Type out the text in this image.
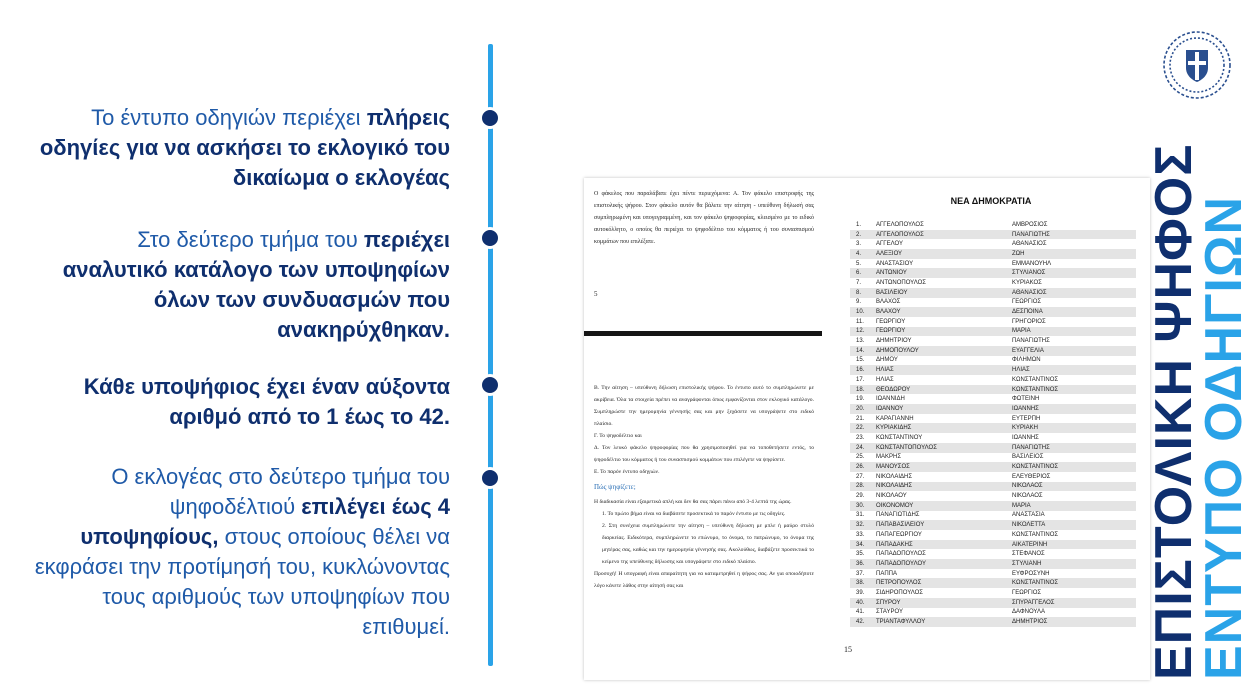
Το έντυπο οδηγιών περιέχει πλήρεις οδηγίες για να ασκήσει το εκλογικό του δικαίωμα ο εκλογέας

Στο δεύτερο τμήμα του περιέχει αναλυτικό κατάλογο των υποψηφίων όλων των συνδυασμών που ανακηρύχθηκαν.

Κάθε υποψήφιος έχει έναν αύξοντα αριθμό από το 1 έως το 42.

Ο εκλογέας στο δεύτερο τμήμα του ψηφοδέλτιού επιλέγει έως 4 υποψηφίους, στους οποίους θέλει να εκφράσει την προτίμησή του, κυκλώνοντας τους αριθμούς των υποψηφίων που επιθυμεί.

Ο φάκελος που παραλάβατε έχει πέντε περιεχόμενα: Α. Τον φάκελο επιστροφής της επιστολικής ψήφου. Στον φάκελο αυτόν θα βάλετε την αίτηση - υπεύθυνη δήλωσή σας συμπληρωμένη και υπογεγραμμένη, και τον φάκελο ψηφοφορίας, κλεισμένο με το ειδικό αυτοκόλλητο, ο οποίος θα περιέχει το ψηφοδέλτιο του κόμματος ή του συνασπισμού κομμάτων που επιλέξατε.

5

Β. Την αίτηση – υπεύθυνη δήλωση επιστολικής ψήφου. Το έντυπο αυτό το συμπληρώνετε με ακρίβεια. Όλα τα στοιχεία πρέπει να αναγράφονται όπως εμφανίζονται στον εκλογικό κατάλογο. Συμπληρώστε την ημερομηνία γέννησής σας και μην ξεχάσετε να υπογράψετε στο ειδικό πλαίσιο.

Γ. Το ψηφοδέλτιο και

Δ. Τον λευκό φάκελο ψηφοφορίας που θα χρησιμοποιηθεί για να τοποθετήσετε εντός, το ψηφοδέλτιο του κόμματος ή του συνασπισμού κομμάτων που επιλέγετε να ψηφίσετε.

Ε. Το παρόν έντυπο οδηγιών.

Πώς ψηφίζετε;

Η διαδικασία είναι εξαιρετικά απλή και δεν θα σας πάρει πάνω από 3-4 λεπτά της ώρας.

1. Το πρώτο βήμα είναι να διαβάσετε προσεκτικά το παρόν έντυπο με τις οδηγίες.

2. Στη συνέχεια συμπληρώνετε την αίτηση – υπεύθυνη δήλωση με μπλε ή μαύρο στυλό διαρκείας. Ειδικότερα, συμπληρώνετε το επώνυμο, το όνομα, το πατρώνυμο, το όνομα της μητέρας σας, καθώς και την ημερομηνία γέννησής σας. Ακολούθως, διαβάζετε προσεκτικά το κείμενο της υπεύθυνης δήλωσης και υπογράφετε στο ειδικό πλαίσιο.

Προσοχή! Η υπογραφή είναι απαραίτητη για να καταμετρηθεί η ψήφος σας. Αν για οποιοδήποτε λόγο κάνετε λάθος στην αίτησή σας και

ΝΕΑ ΔΗΜΟΚΡΑΤΙΑ
1.	ΑΓΓΕΛΟΠΟΥΛΟΣ	ΑΜΒΡΟΣΙΟΣ
2.	ΑΓΓΕΛΟΠΟΥΛΟΣ	ΠΑΝΑΓΙΩΤΗΣ
3.	ΑΓΓΕΛΟΥ	ΑΘΑΝΑΣΙΟΣ
4.	ΑΛΕΞΙΟΥ	ΖΩΗ
5.	ΑΝΑΣΤΑΣΙΟΥ	ΕΜΜΑΝΟΥΗΛ
6.	ΑΝΤΩΝΙΟΥ	ΣΤΥΛΙΑΝΟΣ
7.	ΑΝΤΩΝΟΠΟΥΛΟΣ	ΚΥΡΙΑΚΟΣ
8.	ΒΑΣΙΛΕΙΟΥ	ΑΘΑΝΑΣΙΟΣ
9.	ΒΛΑΧΟΣ	ΓΕΩΡΓΙΟΣ
10.	ΒΛΑΧΟΥ	ΔΕΣΠΟΙΝΑ
11.	ΓΕΩΡΓΙΟΥ	ΓΡΗΓΟΡΙΟΣ
12.	ΓΕΩΡΓΙΟΥ	ΜΑΡΙΑ
13.	ΔΗΜΗΤΡΙΟΥ	ΠΑΝΑΓΙΩΤΗΣ
14.	ΔΗΜΟΠΟΥΛΟΥ	ΕΥΑΓΓΕΛΙΑ
15.	ΔΗΜΟΥ	ΦΙΛΗΜΩΝ
16.	ΗΛΙΑΣ	ΗΛΙΑΣ
17.	ΗΛΙΑΣ	ΚΩΝΣΤΑΝΤΙΝΟΣ
18.	ΘΕΟΔΩΡΟΥ	ΚΩΝΣΤΑΝΤΙΝΟΣ
19.	ΙΩΑΝΝΙΔΗ	ΦΩΤΕΙΝΗ
20.	ΙΩΑΝΝΟΥ	ΙΩΑΝΝΗΣ
21.	ΚΑΡΑΓΙΑΝΝΗ	ΕΥΤΕΡΠΗ
22.	ΚΥΡΙΑΚΙΔΗΣ	ΚΥΡΙΑΚΗ
23.	ΚΩΝΣΤΑΝΤΙΝΟΥ	ΙΩΑΝΝΗΣ
24.	ΚΩΝΣΤΑΝΤΟΠΟΥΛΟΣ	ΠΑΝΑΓΙΩΤΗΣ
25.	ΜΑΚΡΗΣ	ΒΑΣΙΛΕΙΟΣ
26.	ΜΑΝΟΥΣΟΣ	ΚΩΝΣΤΑΝΤΙΝΟΣ
27.	ΝΙΚΟΛΑΙΔΗΣ	ΕΛΕΥΘΕΡΙΟΣ
28.	ΝΙΚΟΛΑΙΔΗΣ	ΝΙΚΟΛΑΟΣ
29.	ΝΙΚΟΛΑΟΥ	ΝΙΚΟΛΑΟΣ
30.	ΟΙΚΟΝΟΜΟΥ	ΜΑΡΙΑ
31.	ΠΑΝΑΓΙΩΤΙΔΗΣ	ΑΝΑΣΤΑΣΙΑ
32.	ΠΑΠΑΒΑΣΙΛΕΙΟΥ	ΝΙΚΟΛΕΤΤΑ
33.	ΠΑΠΑΓΕΩΡΓΙΟΥ	ΚΩΝΣΤΑΝΤΙΝΟΣ
34.	ΠΑΠΑΔΑΚΗΣ	ΑΙΚΑΤΕΡΙΝΗ
35.	ΠΑΠΑΔΟΠΟΥΛΟΣ	ΣΤΕΦΑΝΟΣ
36.	ΠΑΠΑΔΟΠΟΥΛΟΥ	ΣΤΥΛΙΑΝΗ
37.	ΠΑΠΠΑ	ΕΥΦΡΟΣΥΝΗ
38.	ΠΕΤΡΟΠΟΥΛΟΣ	ΚΩΝΣΤΑΝΤΙΝΟΣ
39.	ΣΙΔΗΡΟΠΟΥΛΟΣ	ΓΕΩΡΓΙΟΣ
40.	ΣΠΥΡΟΥ	ΣΠΥΡΑΓΓΕΛΟΣ
41.	ΣΤΑΥΡΟΥ	ΔΑΦΝΟΥΛΑ
42.	ΤΡΙΑΝΤΑΦΥΛΛΟΥ	ΔΗΜΗΤΡΙΟΣ
15	ΕΠΙΣΤΟΛΙΚΗ ΨΗΦΟΣ
ΕΝΤΥΠΟ ΟΔΗΓΙΩΝ
